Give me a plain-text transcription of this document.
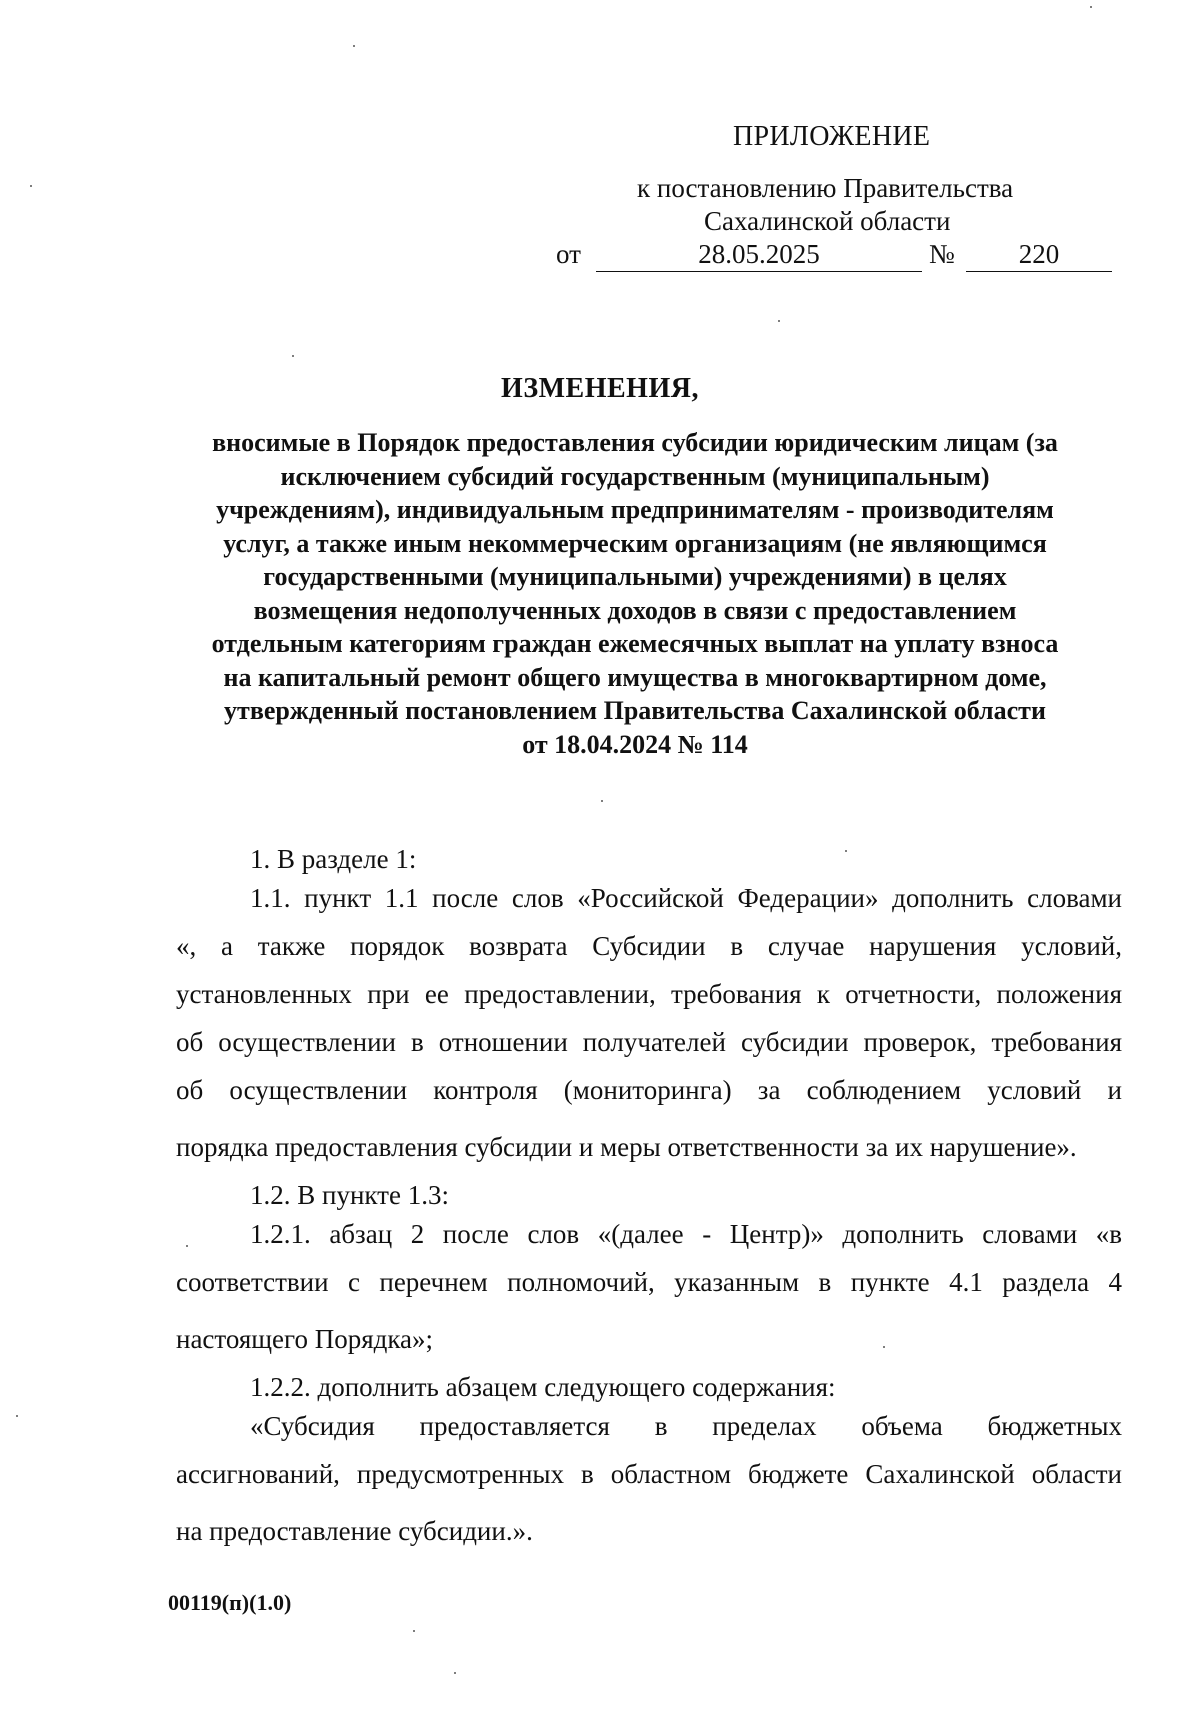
ПРИЛОЖЕНИЕ
к постановлению Правительства
Сахалинской области
от	28.05.2025	№	220
ИЗМЕНЕНИЯ,
вносимые в Порядок предоставления субсидии юридическим лицам (за
исключением субсидий государственным (муниципальным)
учреждениям), индивидуальным предпринимателям - производителям
услуг, а также иным некоммерческим организациям (не являющимся
государственными (муниципальными) учреждениями) в целях
возмещения недополученных доходов в связи с предоставлением
отдельным категориям граждан ежемесячных выплат на уплату взноса
на капитальный ремонт общего имущества в многоквартирном доме,
утвержденный постановлением Правительства Сахалинской области
от 18.04.2024 № 114
1. В разделе 1:
1.1. пункт 1.1 после слов «Российской Федерации» дополнить словами
«, а также порядок возврата Субсидии в случае нарушения условий,
установленных при ее предоставлении, требования к отчетности, положения
об осуществлении в отношении получателей субсидии проверок, требования
об осуществлении контроля (мониторинга) за соблюдением условий и
порядка предоставления субсидии и меры ответственности за их нарушение».
1.2. В пункте 1.3:
1.2.1. абзац 2 после слов «(далее - Центр)» дополнить словами «в
соответствии с перечнем полномочий, указанным в пункте 4.1 раздела 4
настоящего Порядка»;
1.2.2. дополнить абзацем следующего содержания:
«Субсидия предоставляется в пределах объема бюджетных
ассигнований, предусмотренных в областном бюджете Сахалинской области
на предоставление субсидии.».
00119(п)(1.0)
